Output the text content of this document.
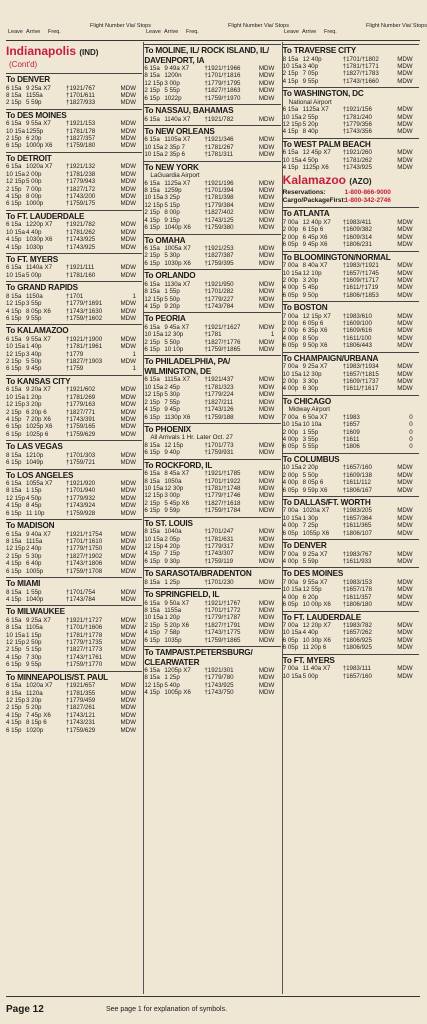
Leave Arrive Freq.
Flight Number Via/ Stops
Leave Arrive Freq.
Flight Number Via/ Stops
Leave Arrive Freq.
Flight Number Via/ Stops
Indianapolis (IND)
(Cont'd)
To DENVER
6 15a 9 25a X7 †1921/767	MDW
8 15a 1155a	†1701/611	MDW
2 15p 5 59p	†1827/933	MDW
To DES MOINES
6 15a 9 55a X7 †1921/153	MDW
10 15a 1255p	†1781/178	MDW
2 15p 6 20p	†1827/357	MDW
6 15p 1000p X6 †1759/180	MDW
To DETROIT
6 15a 1020a X7 †1921/132	MDW
10 15a 2 00p	†1781/238	MDW
12 15p 5 00p	†1779/943	MDW
2 15p 7 00p	†1827/172	MDW
4 15p 8 00p	†1743/200	MDW
6 15p 1000p	†1759/175	MDW
To FT. LAUDERDALE
6 15a 1220p X7 †1921/782	MDW
10 15a 4 40p	†1781/262	MDW
4 15p 1030p X6 †1743/925	MDW
4 15p 1030p	†1743/925	MDW
To FT. MYERS
6 15a 1140a X7 †1921/111	MDW
10 15a 5 00p	†1781/160	MDW
To GRAND RAPIDS
8 15a 1150a	†1701	1
12 15p 3 55p	†1779/†1691	MDW
4 15p 8 05p X6 †1743/†1630	MDW
6 15p 9 55p	†1759/†1602	MDW
To KALAMAZOO
6 15a 9 55a X7 †1921/†1900	MDW
10 15a 1 40p	†1781/†1961	MDW
12 15p 3 40p	†1779	1
2 15p 5 50p	†1827/†1903	MDW
6 15p 9 45p	†1759	1
To KANSAS CITY
6 15a 9 20a X7 †1921/602	MDW
10 15a 1 20p	†1781/269	MDW
12 15p 3 20p	†1779/163	MDW
2 15p 6 20p 6	†1827/771	MDW
4 15p 7 20p X6 †1743/391	MDW
6 15p 1025p X6 †1759/165	MDW
6 15p 1025p 6	†1759/629	MDW
To LAS VEGAS
8 15a 1210p	†1701/303	MDW
6 15p 1049p	†1759/721	MDW
To LOS ANGELES
6 15a 1055a X7 †1921/920	MDW
8 15a 1 15p	†1701/940	MDW
12 15p 4 50p	†1779/932	MDW
4 15p 8 45p	†1743/924	MDW
6 15p 11 10p	†1759/928	MDW
To MADISON
6 15a 9 40a X7 †1921/†1754	MDW
8 15a 1115a	†1701/†1610	MDW
12 15p 2 40p	†1779/†1750	MDW
2 15p 5 30p	†1827/†1902	MDW
4 15p 6 40p	†1743/†1806	MDW
6 15p 1005p	†1759/†1708	MDW
To MIAMI
8 15a 1 55p	†1701/754	MDW
4 15p 1040p	†1743/784	MDW
To MILWAUKEE
6 15a 9 25a X7 †1921/†1727	MDW
8 15a 1105a	†1701/†1606	MDW
10 15a 1 15p	†1781/†1778	MDW
12 15p 2 50p	†1779/†1735	MDW
2 15p 5 15p	†1827/†1773	MDW
4 15p 7 30p	†1743/†1761	MDW
6 15p 9 55p	†1759/†1770	MDW
To MINNEAPOLIS/ST. PAUL
6 15a 1020a X7 †1921/657	MDW
8 15a 1120a	†1781/355	MDW
12 15p 3 20p	†1779/459	MDW
2 15p 5 20p	†1827/261	MDW
4 15p 7 45p X6 †1743/121	MDW
4 15p 8 15p 6	†1743/231	MDW
6 15p 1020p	†1759/629	MDW
To MOLINE, IL/ ROCK ISLAND, IL/ DAVENPORT, IA
6 15a 9 49a X7 †1921/†1966	MDW
8 15a 1200n	†1701/†1816	MDW
12 15p 3 00p	†1779/†1795	MDW
2 15p 5 55p	†1827/†1863	MDW
6 15p 1022p	†1759/†1970	MDW
To NASSAU, BAHAMAS
6 15a 1140a X7 †1921/782	MDW
To NEW ORLEANS
6 15a 1105a X7 †1921/346	MDW
10 15a 2 35p 7	†1781/267	MDW
10 15a 2 35p 6	†1781/311	MDW
To NEW YORK
LaGuardia Airport
6 15a 1125a X7 †1921/196	MDW
8 15a 1259p	†1701/394	MDW
10 15a 3 25p	†1781/398	MDW
12 15p 5 15p	†1779/384	MDW
2 15p 8 00p	†1827/402	MDW
4 15p 9 15p	†1743/125	MDW
6 15p 1040p X6 †1759/380	MDW
To OMAHA
6 15a 1005a X7 †1921/253	MDW
2 15p 5 30p	†1827/387	MDW
6 15p 1030p X6 †1759/395	MDW
To ORLANDO
6 15a 1130a X7 †1921/950	MDW
8 15a 1 55p	†1701/282	MDW
12 15p 5 50p	†1779/227	MDW
4 15p 9 20p	†1743/784	MDW
To PEORIA
6 15a 9 45a X7 †1921/†1627	MDW
10 15a 12 30p	†1781	1
2 15p 5 50p	†1827/†1776	MDW
6 15p 10 10p	†1759/†1865	MDW
To PHILADELPHIA, PA/ WILMINGTON, DE
6 15a 1115a X7 †1921/437	MDW
10 15a 2 45p	†1781/323	MDW
12 15p 5 30p	†1779/224	MDW
2 15p 7 55p	†1827/211	MDW
4 15p 9 45p	†1743/126	MDW
6 15p 1130p X6 †1759/188	MDW
To PHOENIX
All Arrivals 1 Hr. Later Oct. 27
8 15a 12 15p	†1701/773	MDW
6 15p 9 40p	†1759/931	MDW
To ROCKFORD, IL
6 15a 8 45a X7 †1921/†1785	MDW
8 15a 1050a	†1701/†1922	MDW
10 15a 12 30p	†1781/†1748	MDW
12 15p 3 00p	†1779/†1746	MDW
2 15p 5 45p X6 †1827/†1618	MDW
6 15p 9 59p	†1759/†1784	MDW
To ST. LOUIS
8 15a 1040a	†1701/247	MDW
10 15a 2 05p	†1781/631	MDW
12 15p 4 20p	†1779/317	MDW
4 15p 7 15p	†1743/307	MDW
6 15p 9 30p	†1759/119	MDW
To SARASOTA/BRADENTON
8 15a 1 25p	†1701/230	MDW
To SPRINGFIELD, IL
6 15a 9 50a X7 †1921/†1767	MDW
8 15a 1155a	†1701/†1772	MDW
10 15a 1 20p	†1779/†1787	MDW
2 15p 5 20p X6 †1827/†1791	MDW
4 15p 7 58p	†1743/†1775	MDW
6 15p 1035p	†1759/†1865	MDW
To TAMPA/ST.PETERSBURG/ CLEARWATER
6 15a 1205p X7 †1921/301	MDW
8 15a 1 25p	†1779/780	MDW
12 15p 5 40p	†1743/925	MDW
4 15p 1005p X6 †1743/750	MDW
To TRAVERSE CITY
8 15a 12 40p	†1701/†1802	MDW
10 15a 3 40p	†1781/†1771	MDW
2 15p 7 05p	†1827/†1783	MDW
4 15p 9 55p	†1743/†1660	MDW
To WASHINGTON, DC
National Airport
6 15a 1125a X7 †1921/156	MDW
10 15a 2 55p	†1781/240	MDW
12 15p 5 20p	†1779/356	MDW
4 15p 8 40p	†1743/356	MDW
To WEST PALM BEACH
6 15a 12 45p X7 †1921/260	MDW
10 15a 4 50p	†1781/262	MDW
4 15p 1125p X6 †1743/925	MDW
Kalamazoo (AZO)
Reservations:	1-800-866-9000
Cargo/PackageFirst:
1-800-342-2746
To ATLANTA
7 00a 12 40p X7 †1983/411	MDW
2 00p 6 15p 6	†1609/382	MDW
2 00p 6 45p X6 †1609/314	MDW
6 05p 9 45p X6 †1806/231	MDW
To BLOOMINGTON/NORMAL
7 00a 8 40a X7 †1983/†1921	MDW
10 15a 12 10p	†1657/†1745	MDW
2 00p 3 20p	†1609/†1717	MDW
4 00p 5 45p	†1611/†1719	MDW
6 05p 9 50p	†1806/†1853	MDW
To BOSTON
7 00a 12 15p X7 †1983/610	MDW
2 00p 6 05p 6	†1609/100	MDW
2 00p 6 35p X6 †1609/616	MDW
4 00p 8 50p	†1611/100	MDW
6 05p 9 50p X6 †1806/443	MDW
To CHAMPAIGN/URBANA
7 00a 9 25a X7 †1983/†1934	MDW
10 15a 12 30p	†1657/†1815	MDW
2 00p 3 30p	†1609/†1737	MDW
4 00p 6 30p	†1611/†1617	MDW
To CHICAGO
Midway Airport
7 00a 6 50a X7 †1983	0
10 15a 10 10a	†1657	0
2 00p 1 55p	†1609	0
4 00p 3 55p	†1611	0
6 05p 5 55p	†1806	0
To COLUMBUS
10 15a 2 20p	†1657/160	MDW
2 00p 5 50p	†1609/138	MDW
4 00p 8 05p 6	†1611/112	MDW
6 05p 9 59p X6 †1806/167	MDW
To DALLAS/FT. WORTH
7 00a 1020a X7 †1983/205	MDW
10 15a 1 30p	†1657/364	MDW
4 00p 7 25p	†1611/365	MDW
6 05p 1055p X6 †1806/107	MDW
To DENVER
7 00a 9 25a X7 †1983/767	MDW
4 00p 5 59p	†1611/933	MDW
To DES MOINES
7 00a 9 55a X7 †1983/153	MDW
10 15a 12 55p	†1657/178	MDW
4 00p 6 20p	†1611/357	MDW
6 05p 10 00p X6 †1806/180	MDW
To FT. LAUDERDALE
7 00a 12 20p X7 †1983/782	MDW
10 15a 4 40p	†1657/262	MDW
6 05p 10 30p X6 †1806/925	MDW
6 05p 11 20p 6	†1806/925	MDW
To FT. MYERS
7 00a 11 40a X7 †1983/111	MDW
10 15a 5 00p	†1657/160	MDW
Page 12	See page 1 for explanation of symbols.
